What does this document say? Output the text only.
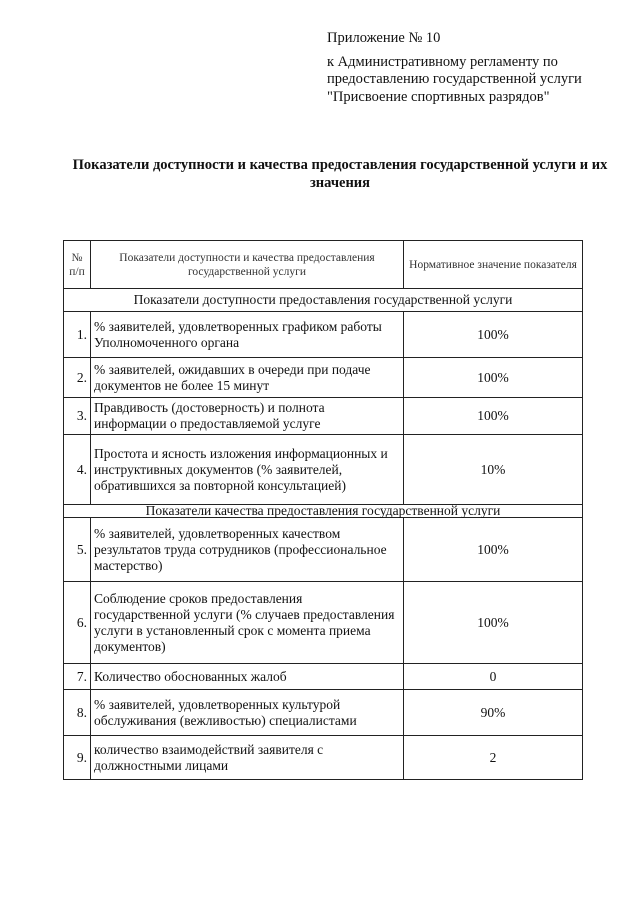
Приложение № 10
к Административному регламенту по предоставлению государственной услуги "Присвоение спортивных разрядов"
Показатели доступности и качества предоставления государственной услуги и их значения
№ п/п	Показатели доступности и качества предоставления государственной услуги	Нормативное значение показателя
Показатели доступности предоставления государственной услуги		
1.	% заявителей, удовлетворенных графиком работы Уполномоченного органа	100%
2.	% заявителей, ожидавших в очереди при подаче документов не более 15 минут	100%
3.	Правдивость (достоверность) и полнота информации о предоставляемой услуге	100%
4.	Простота и ясность изложения информационных и инструктивных документов (% заявителей, обратившихся за повторной консультацией)	10%
Показатели качества предоставления государственной услуги		
5.	% заявителей, удовлетворенных качеством результатов труда сотрудников (профессиональное мастерство)	100%
6.	Соблюдение сроков предоставления государственной услуги (% случаев предоставления услуги в установленный срок с момента приема документов)	100%
7.	Количество обоснованных жалоб	0
8.	% заявителей, удовлетворенных культурой обслуживания (вежливостью) специалистами	90%
9.	количество взаимодействий заявителя с должностными лицами	2
